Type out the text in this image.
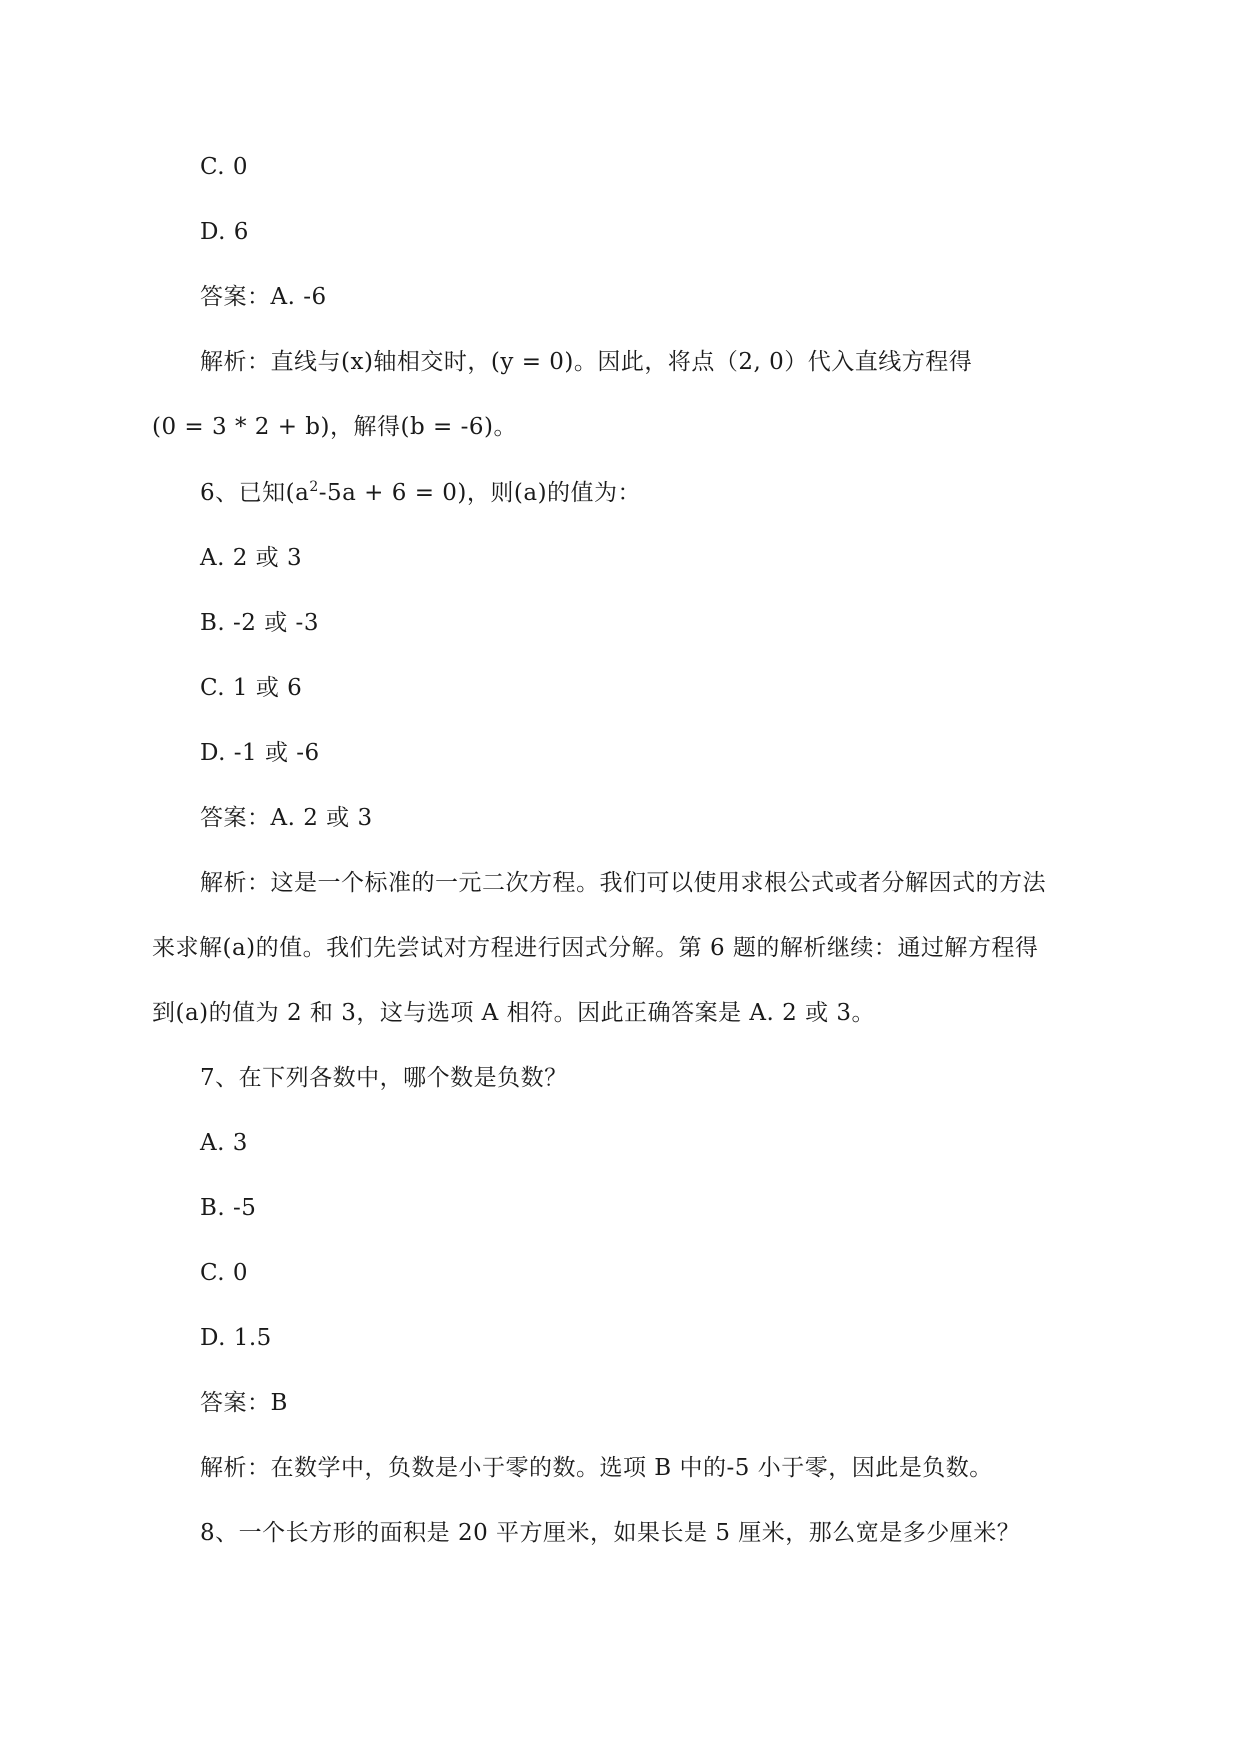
C. 0
D. 6
答案：A. -6
解析：直线与(x)轴相交时，(y = 0)。因此，将点（2, 0）代入直线方程得
(0 = 3 * 2 + b)，解得(b = -6)。
6、已知$(a^2-5a + 6 = 0)$，则(a)的值为：
A. 2 或 3
B. -2 或 -3
C. 1 或 6
D. -1 或 -6
答案：A. 2 或 3
解析：这是一个标准的一元二次方程。我们可以使用求根公式或者分解因式的方法
来求解(a)的值。我们先尝试对方程进行因式分解。第 6 题的解析继续：通过解方程得
到(a)的值为 2 和 3，这与选项 A 相符。因此正确答案是 A. 2 或 3。
7、在下列各数中，哪个数是负数？
A. 3
B. -5
C. 0
D. 1.5
答案：B
解析：在数学中，负数是小于零的数。选项 B 中的-5 小于零，因此是负数。
8、一个长方形的面积是 20 平方厘米，如果长是 5 厘米，那么宽是多少厘米？
